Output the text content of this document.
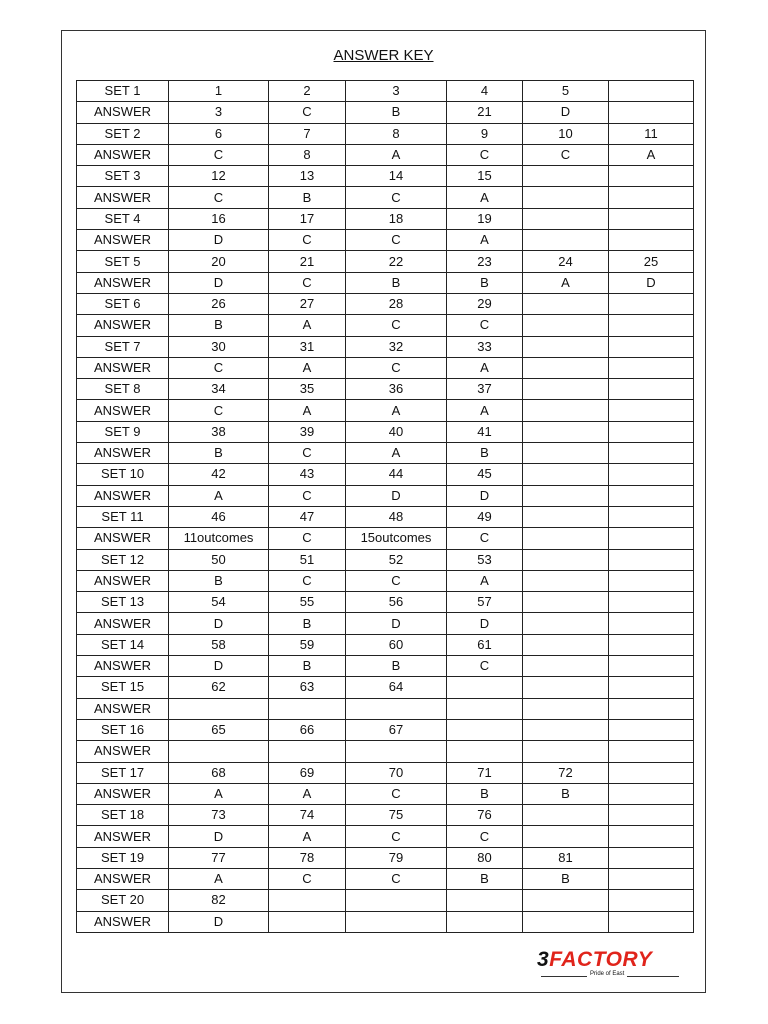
ANSWER KEY
SET 1	1	2	3	4	5	
ANSWER	3	C	B	21	D	
SET 2	6	7	8	9	10	11
ANSWER	C	8	A	C	C	A
SET 3	12	13	14	15		
ANSWER	C	B	C	A		
SET 4	16	17	18	19		
ANSWER	D	C	C	A		
SET 5	20	21	22	23	24	25
ANSWER	D	C	B	B	A	D
SET 6	26	27	28	29		
ANSWER	B	A	C	C		
SET 7	30	31	32	33		
ANSWER	C	A	C	A		
SET 8	34	35	36	37		
ANSWER	C	A	A	A		
SET 9	38	39	40	41		
ANSWER	B	C	A	B		
SET 10	42	43	44	45		
ANSWER	A	C	D	D		
SET 11	46	47	48	49		
ANSWER	11outcomes	C	15outcomes	C		
SET 12	50	51	52	53		
ANSWER	B	C	C	A		
SET 13	54	55	56	57		
ANSWER	D	B	D	D		
SET 14	58	59	60	61		
ANSWER	D	B	B	C		
SET 15	62	63	64			
ANSWER						
SET 16	65	66	67			
ANSWER						
SET 17	68	69	70	71	72	
ANSWER	A	A	C	B	B	
SET 18	73	74	75	76		
ANSWER	D	A	C	C		
SET 19	77	78	79	80	81	
ANSWER	A	C	C	B	B	
SET 20	82					
ANSWER	D					
3FACTORY
Pride of East
